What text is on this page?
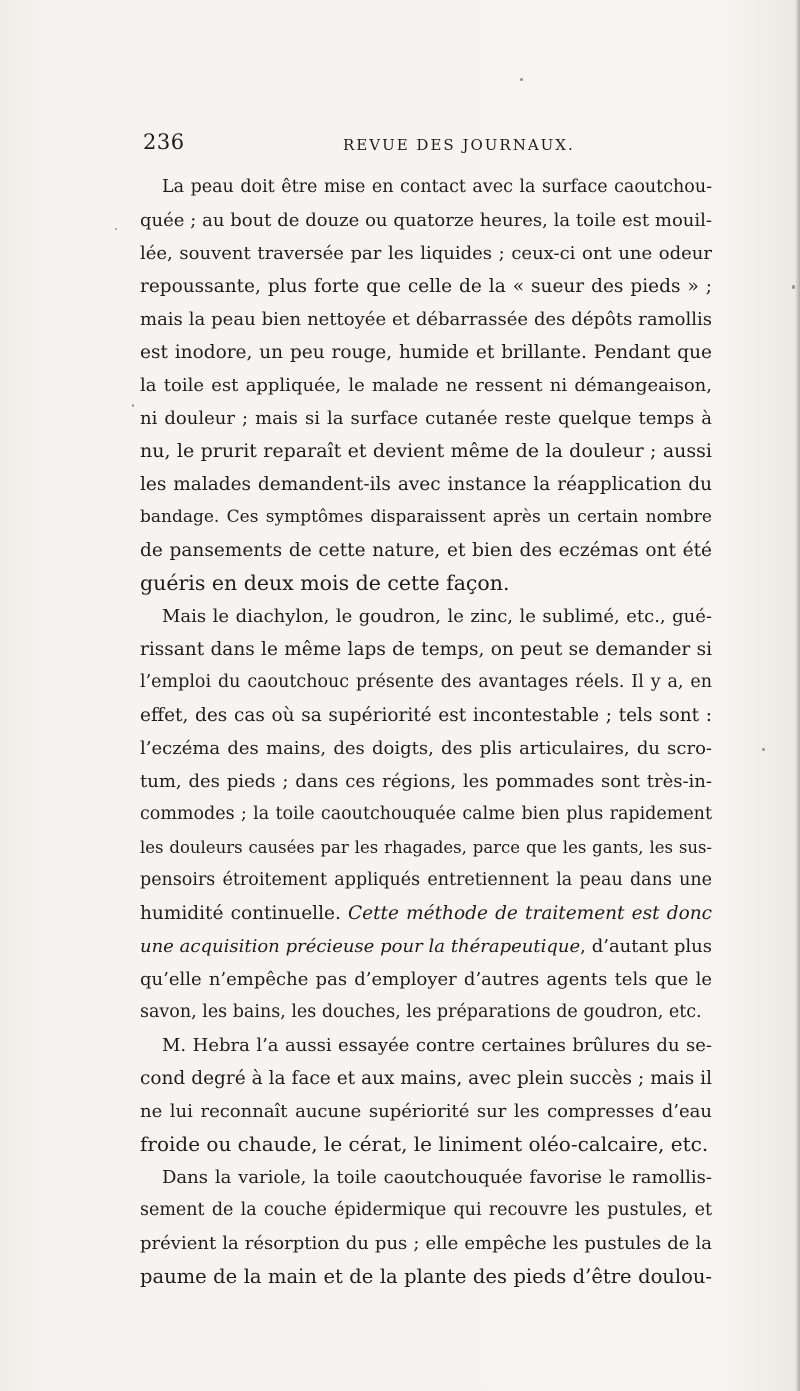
236	REVUE DES JOURNAUX.
La peau doit être mise en contact avec la surface caoutchou-
quée ; au bout de douze ou quatorze heures, la toile est mouil-
lée, souvent traversée par les liquides ; ceux-ci ont une odeur
repoussante, plus forte que celle de la « sueur des pieds » ;
mais la peau bien nettoyée et débarrassée des dépôts ramollis
est inodore, un peu rouge, humide et brillante. Pendant que
la toile est appliquée, le malade ne ressent ni démangeaison,
ni douleur ; mais si la surface cutanée reste quelque temps à
nu, le prurit reparaît et devient même de la douleur ; aussi
les malades demandent-ils avec instance la réapplication du
bandage. Ces symptômes disparaissent après un certain nombre
de pansements de cette nature, et bien des eczémas ont été
guéris en deux mois de cette façon.
Mais le diachylon, le goudron, le zinc, le sublimé, etc., gué-
rissant dans le même laps de temps, on peut se demander si
l’emploi du caoutchouc présente des avantages réels. Il y a, en
effet, des cas où sa supériorité est incontestable ; tels sont :
l’eczéma des mains, des doigts, des plis articulaires, du scro-
tum, des pieds ; dans ces régions, les pommades sont très-in-
commodes ; la toile caoutchouquée calme bien plus rapidement
les douleurs causées par les rhagades, parce que les gants, les sus-
pensoirs étroitement appliqués entretiennent la peau dans une
humidité continuelle. Cette méthode de traitement est donc
une acquisition précieuse pour la thérapeutique, d’autant plus
qu’elle n’empêche pas d’employer d’autres agents tels que le
savon, les bains, les douches, les préparations de goudron, etc.
M. Hebra l’a aussi essayée contre certaines brûlures du se-
cond degré à la face et aux mains, avec plein succès ; mais il
ne lui reconnaît aucune supériorité sur les compresses d’eau
froide ou chaude, le cérat, le liniment oléo-calcaire, etc.
Dans la variole, la toile caoutchouquée favorise le ramollis-
sement de la couche épidermique qui recouvre les pustules, et
prévient la résorption du pus ; elle empêche les pustules de la
paume de la main et de la plante des pieds d’être doulou-
